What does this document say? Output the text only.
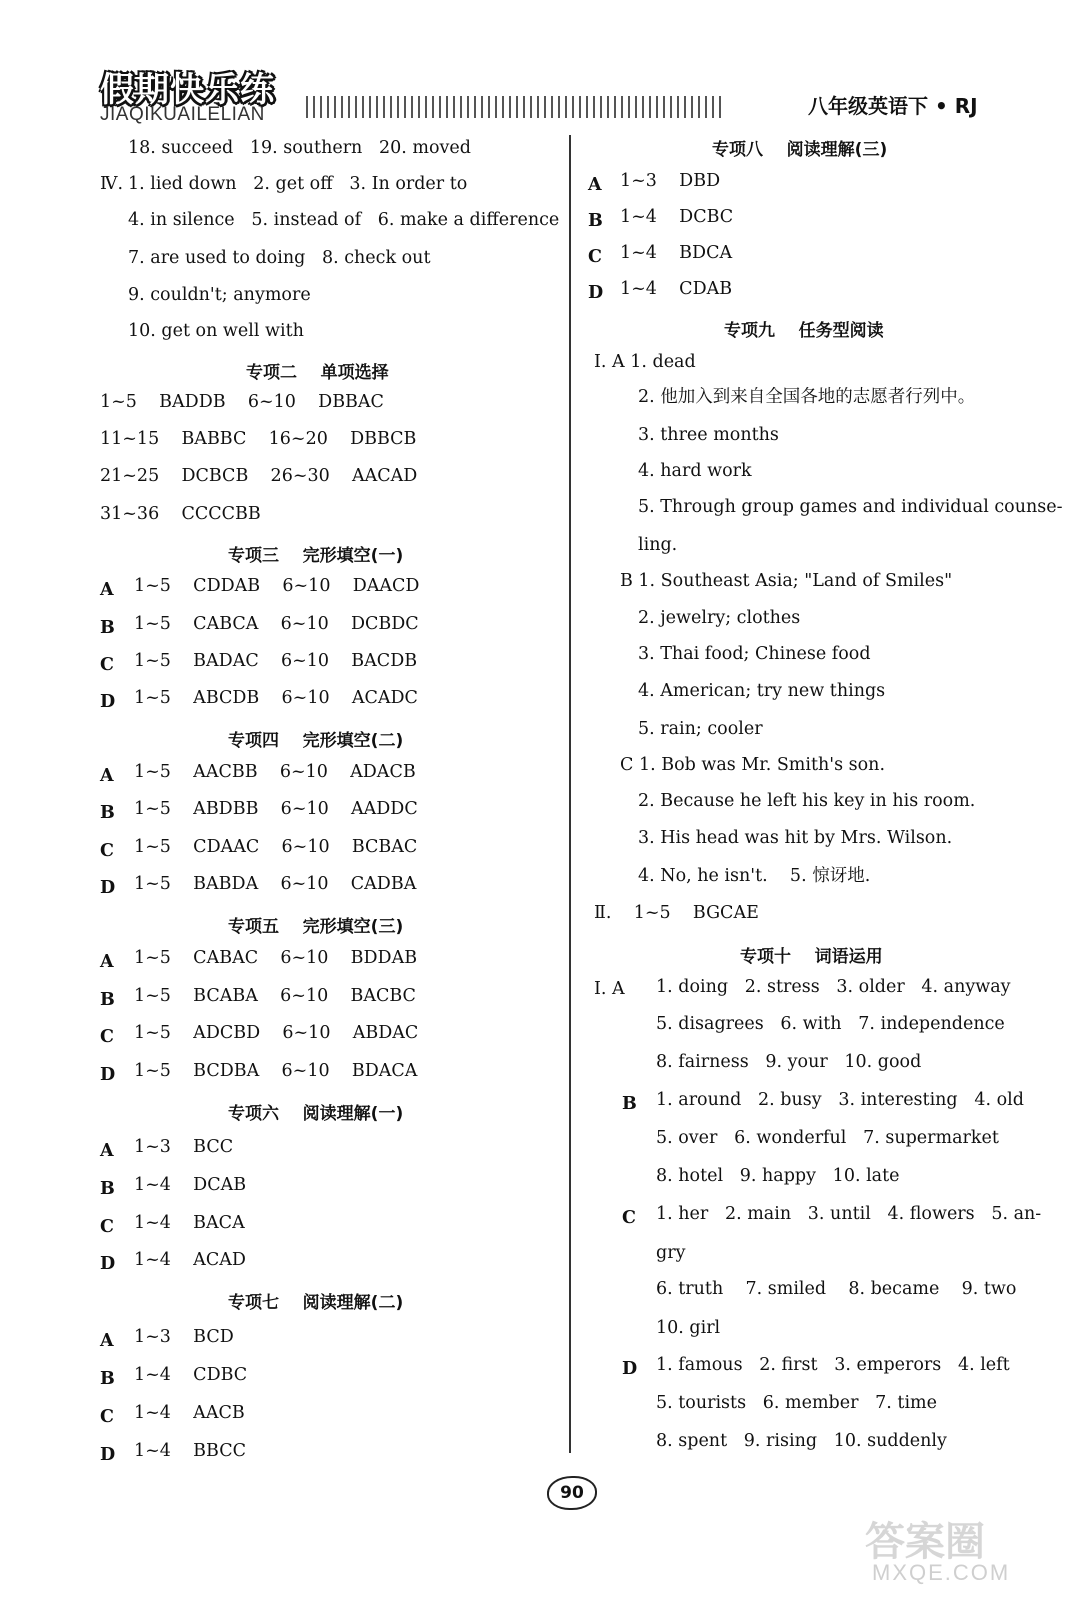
假期快乐练
JIAQIKUAILELIAN	八年级英语下 • RJ
18. succeed   19. southern   20. moved
Ⅳ. 1. lied down   2. get off   3. In order to
4. in silence   5. instead of   6. make a difference
7. are used to doing   8. check out
9. couldn't; anymore
10. get on well with
专项二    单项选择
1~5    BADDB    6~10    DBBAC
11~15    BABBC    16~20    DBBCB
21~25    DCBCB    26~30    AACAD
31~36    CCCCBB
专项三    完形填空(一)
A 1~5    CDDAB    6~10    DAACD
B 1~5    CABCA    6~10    DCBDC
C 1~5    BADAC    6~10    BACDB
D 1~5    ABCDB    6~10    ACADC
专项四    完形填空(二)
A 1~5    AACBB    6~10    ADACB
B 1~5    ABDBB    6~10    AADDC
C 1~5    CDAAC    6~10    BCBAC
D 1~5    BABDA    6~10    CADBA
专项五    完形填空(三)
A 1~5    CABAC    6~10    BDDAB
B 1~5    BCABA    6~10    BACBC
C 1~5    ADCBD    6~10    ABDAC
D 1~5    BCDBA    6~10    BDACA
专项六    阅读理解(一)
A 1~3    BCC
B 1~4    DCAB
C 1~4    BACA
D 1~4    ACAD
专项七    阅读理解(二)
A 1~3    BCD
B 1~4    CDBC
C 1~4    AACB
D 1~4    BBCC
专项八    阅读理解(三)
A 1~3    DBD
B 1~4    DCBC
C 1~4    BDCA
D 1~4    CDAB
专项九    任务型阅读
Ⅰ. A 1. dead
2. 他加入到来自全国各地的志愿者行列中。
3. three months
4. hard work
5. Through group games and individual counse-
ling.
B 1. Southeast Asia; "Land of Smiles"
2. jewelry; clothes
3. Thai food; Chinese food
4. American; try new things
5. rain; cooler
C 1. Bob was Mr. Smith's son.
2. Because he left his key in his room.
3. His head was hit by Mrs. Wilson.
4. No, he isn't.    5. 惊讶地.
Ⅱ.    1~5    BGCAE
专项十    词语运用
Ⅰ. A 1. doing   2. stress   3. older   4. anyway
5. disagrees   6. with   7. independence
8. fairness   9. your   10. good
B 1. around   2. busy   3. interesting   4. old
5. over   6. wonderful   7. supermarket
8. hotel   9. happy   10. late
C 1. her   2. main   3. until   4. flowers   5. an-
gry
6. truth    7. smiled    8. became    9. two
10. girl
D 1. famous   2. first   3. emperors   4. left
5. tourists   6. member   7. time
8. spent   9. rising   10. suddenly
90
答案圈
MXQE.COM
